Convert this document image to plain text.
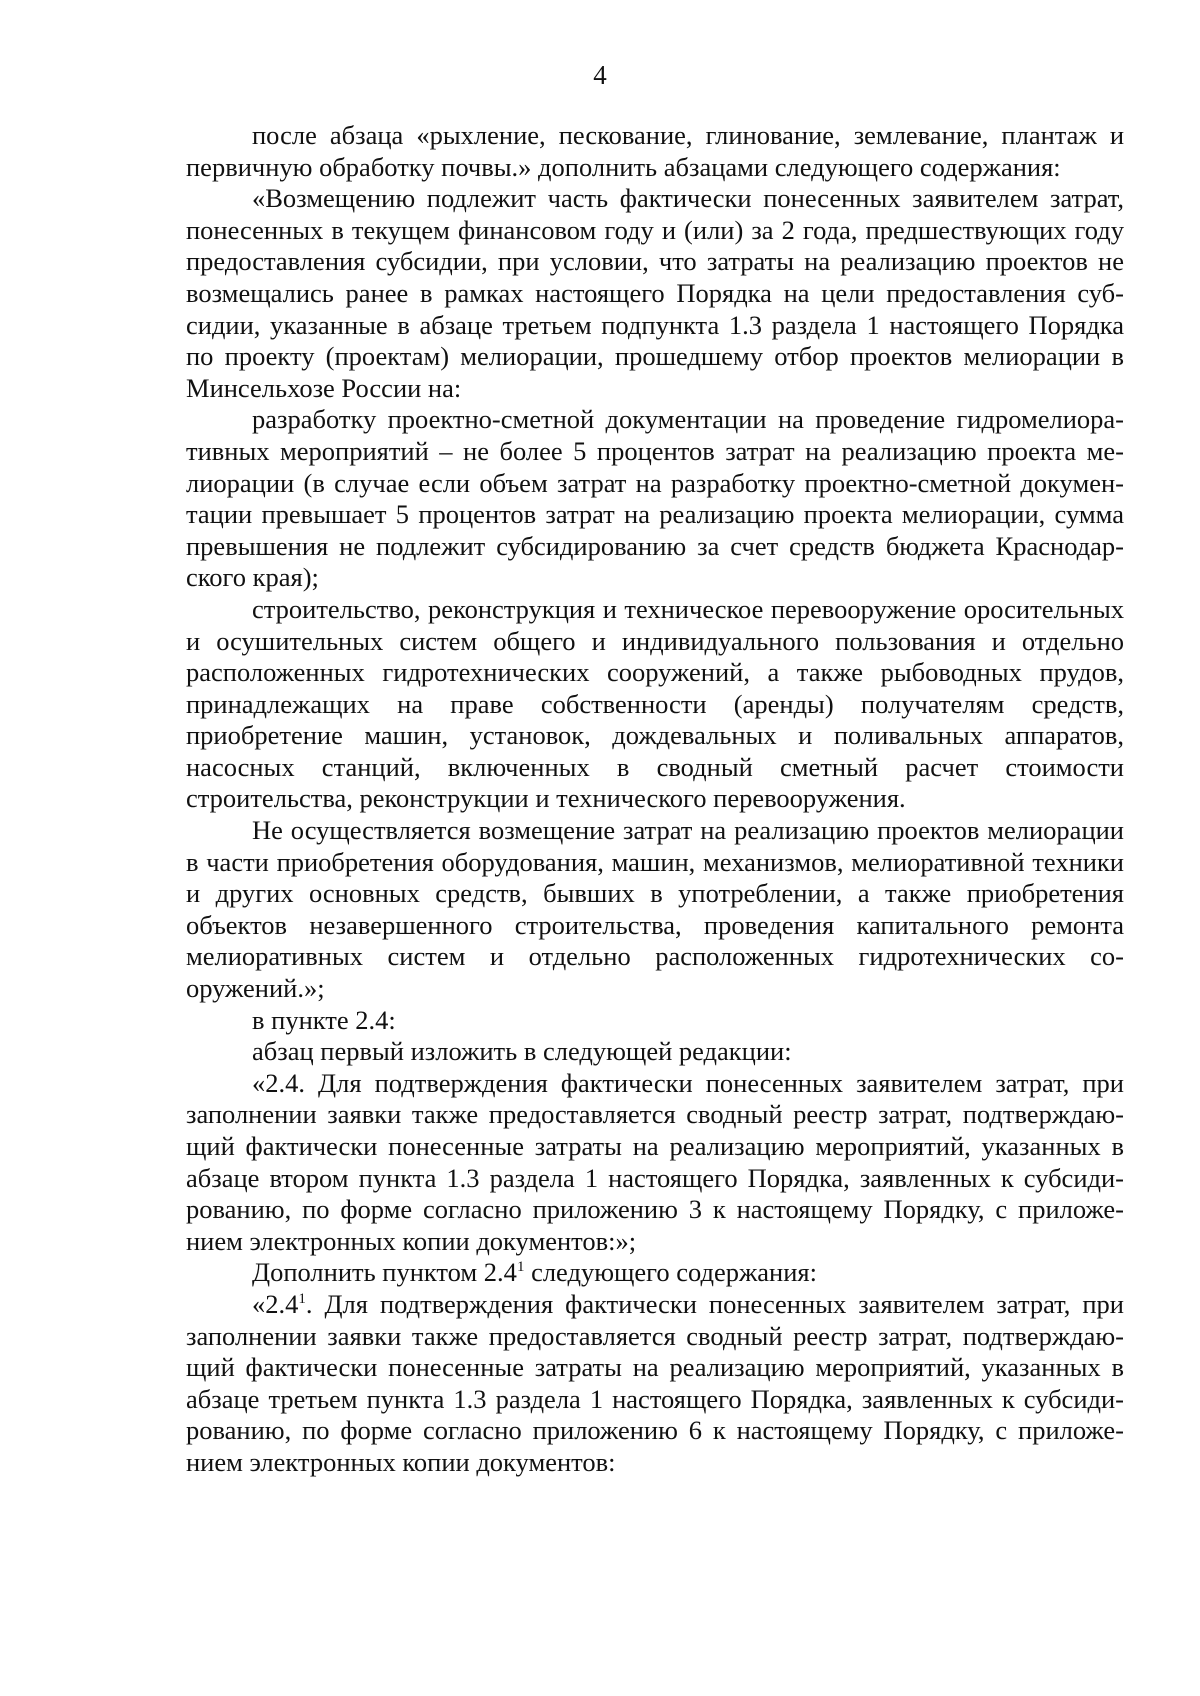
4

после абзаца «рыхление, пескование, глинование, землевание, плантаж и первичную обработку почвы.» дополнить абзацами следующего содержания:

«Возмещению подлежит часть фактически понесенных заявителем затрат, понесенных в текущем финансовом году и (или) за 2 года, предшествующих году предоставления субсидии, при условии, что затраты на реализацию проектов не возмещались ранее в рамках настоящего Порядка на цели предоставления субсидии, указанные в абзаце третьем подпункта 1.3 раздела 1 настоящего Порядка по проекту (проектам) мелиорации, прошедшему отбор проектов мелиорации в Минсельхозе России на:

разработку проектно-сметной документации на проведение гидромелиоративных мероприятий – не более 5 процентов затрат на реализацию проекта мелиорации (в случае если объем затрат на разработку проектно-сметной документации превышает 5 процентов затрат на реализацию проекта мелиорации, сумма превышения не подлежит субсидированию за счет средств бюджета Краснодарского края);

строительство, реконструкция и техническое перевооружение оросительных и осушительных систем общего и индивидуального пользования и отдельно расположенных гидротехнических сооружений, а также рыбоводных прудов, принадлежащих на праве собственности (аренды) получателям средств, приобретение машин, установок, дождевальных и поливальных аппаратов, насосных станций, включенных в сводный сметный расчет стоимости строительства, реконструкции и технического перевооружения.

Не осуществляется возмещение затрат на реализацию проектов мелиорации в части приобретения оборудования, машин, механизмов, мелиоративной техники и других основных средств, бывших в употреблении, а также приобретения объектов незавершенного строительства, проведения капитального ремонта мелиоративных систем и отдельно расположенных гидротехнических сооружений.»;

в пункте 2.4:

абзац первый изложить в следующей редакции:

«2.4. Для подтверждения фактически понесенных заявителем затрат, при заполнении заявки также предоставляется сводный реестр затрат, подтверждающий фактически понесенные затраты на реализацию мероприятий, указанных в абзаце втором пункта 1.3 раздела 1 настоящего Порядка, заявленных к субсидированию, по форме согласно приложению 3 к настоящему Порядку, с приложением электронных копии документов:»;

Дополнить пунктом $2.4^1$ следующего содержания:

«$2.4^1$. Для подтверждения фактически понесенных заявителем затрат, при заполнении заявки также предоставляется сводный реестр затрат, подтверждающий фактически понесенные затраты на реализацию мероприятий, указанных в абзаце третьем пункта 1.3 раздела 1 настоящего Порядка, заявленных к субсидированию, по форме согласно приложению 6 к настоящему Порядку, с приложением электронных копии документов:
